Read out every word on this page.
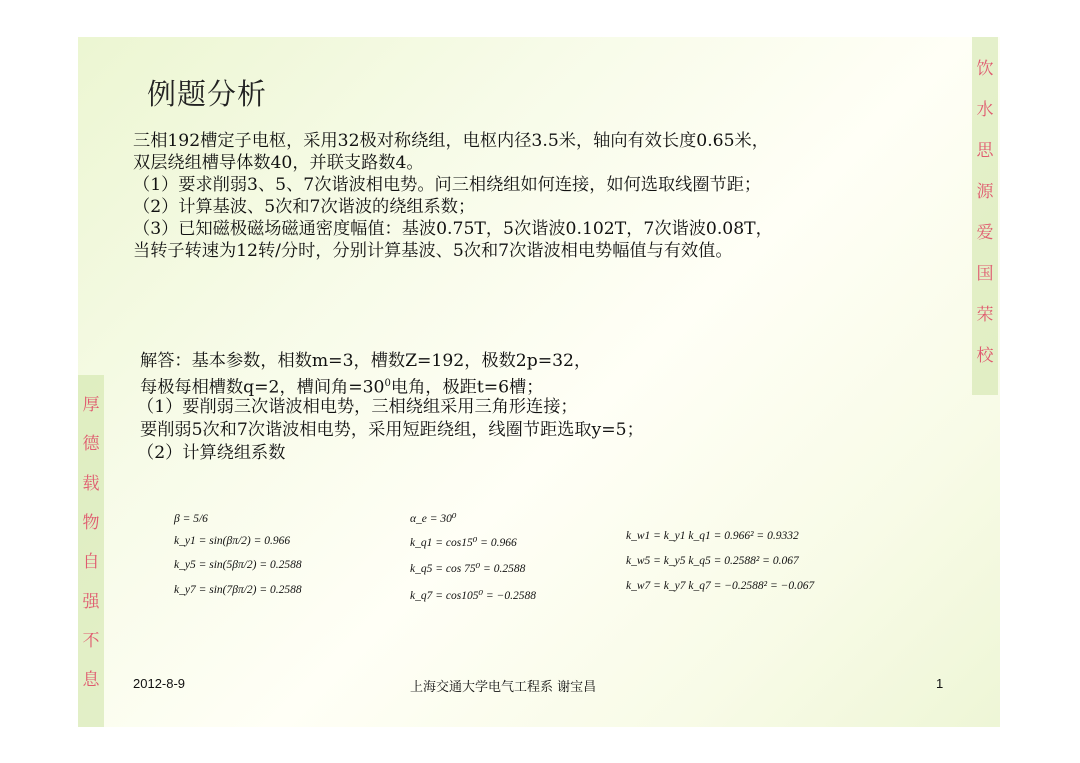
饮
水
思
源
爱
国
荣
校
厚
德
载
物
自
强
不
息
例题分析
三相192槽定子电枢，采用32极对称绕组，电枢内径3.5米，轴向有效长度0.65米，
双层绕组槽导体数40，并联支路数4。
（1）要求削弱3、5、7次谐波相电势。问三相绕组如何连接，如何选取线圈节距；
（2）计算基波、5次和7次谐波的绕组系数；
（3）已知磁极磁场磁通密度幅值：基波0.75T，5次谐波0.102T，7次谐波0.08T，
当转子转速为12转/分时，分别计算基波、5次和7次谐波相电势幅值与有效值。
解答：基本参数，相数m=3，槽数Z=192，极数2p=32，
每极每相槽数q=2，槽间角$=30^0$电角，极距t=6槽；
（1）要削弱三次谐波相电势，三相绕组采用三角形连接；
要削弱5次和7次谐波相电势，采用短距绕组，线圈节距选取y=5；
（2）计算绕组系数
β = 5/6
k_y1 = sin(βπ/2) = 0.966
k_y5 = sin(5βπ/2) = 0.2588
k_y7 = sin(7βπ/2) = 0.2588
α_e = 30⁰
k_q1 = cos15⁰ = 0.966
k_q5 = cos 75⁰ = 0.2588
k_q7 = cos105⁰ = −0.2588
k_w1 = k_y1 k_q1 = 0.966² = 0.9332
k_w5 = k_y5 k_q5 = 0.2588² = 0.067
k_w7 = k_y7 k_q7 = −0.2588² = −0.067
2012-8-9	上海交通大学电气工程系 谢宝昌	1
